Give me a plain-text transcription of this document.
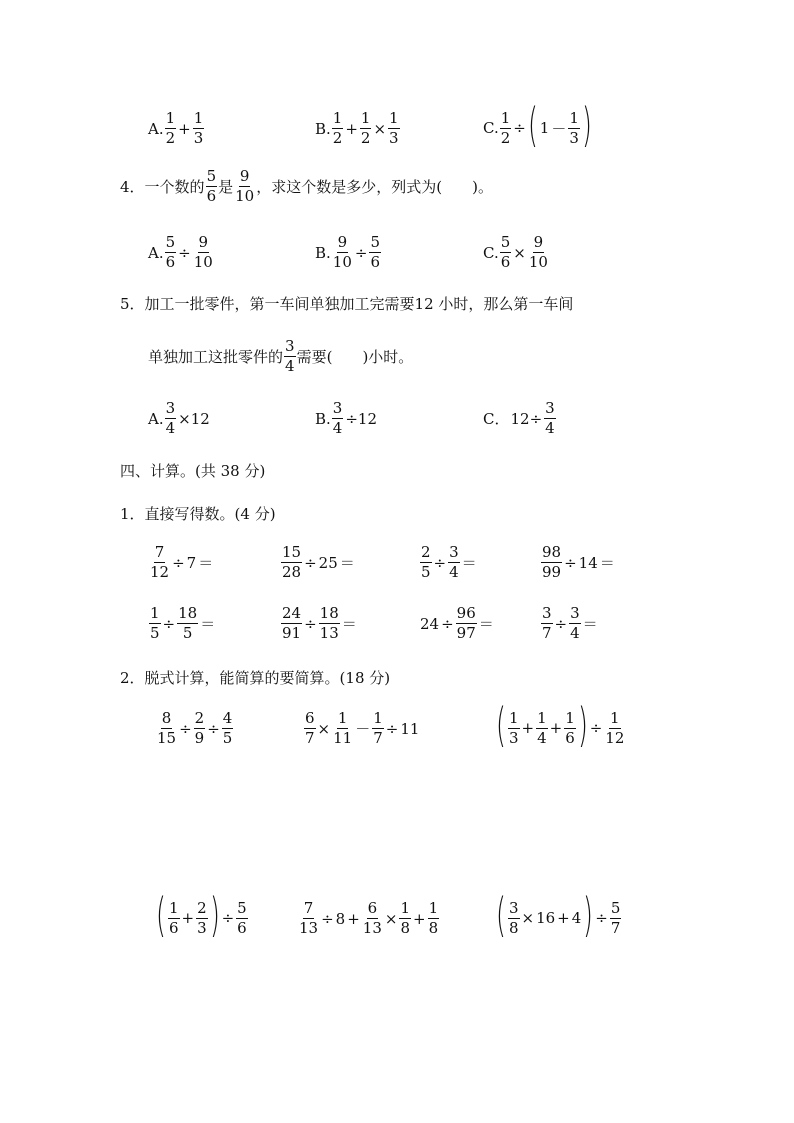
A. $\frac{1}{2} + \frac{1}{3}$	B. $\frac{1}{2} + \frac{1}{2} \times \frac{1}{3}$	C. $\frac{1}{2}$ ÷ ( $1 - \frac{1}{3}$ )
4． 一个数的 $\frac{5}{6}$ 是 $\frac{9}{10}$ ，求这个数是多少，列式为(
　　 )。
A. $\frac{5}{6} \div \frac{9}{10}$	B. $\frac{9}{10} \div \frac{5}{6}$	C. $\frac{5}{6} \times \frac{9}{10}$
5． 加工一批零件，第一车间单独加工完需要12 小时，那么第一车间
单独加工这批零件的 $\frac{3}{4}$ 需要(
　　 )小时。
A. $\frac{3}{4} \times 12$	B. $\frac{3}{4} \div 12$	C． $12\div \frac{3}{4}$
四、计算。(共 38 分)
1．直接写得数。(4 分)
$\frac{7}{12} \div 7$ ＝	$\frac{15}{28} \div 25$ ＝	$\frac{2}{5} \div \frac{3}{4}$ ＝	$\frac{98}{99} \div 14$ ＝
$\frac{1}{5} \div \frac{18}{5}$ ＝	$\frac{24}{91} \div \frac{18}{13}$ ＝	$24 \div \frac{96}{97}$ ＝	$\frac{3}{7} \div \frac{3}{4}$ ＝
2．脱式计算，能简算的要简算。(18 分)
$\frac{8}{15} \div \frac{2}{9} \div \frac{4}{5}$	$\frac{6}{7} \times \frac{1}{11} - \frac{1}{7} \div 11$ ( $\frac{1}{3} + \frac{1}{4} + \frac{1}{6}$ ) ÷ $\frac{1}{12}$
( $\frac{1}{6} + \frac{2}{3}$ ) ÷ $\frac{5}{6}$	$\frac{7}{13} \div 8 + \frac{6}{13} \times \frac{1}{8} + \frac{1}{8}$ ( $\frac{3}{8} \times 16 + 4$ ) ÷ $\frac{5}{7}$
